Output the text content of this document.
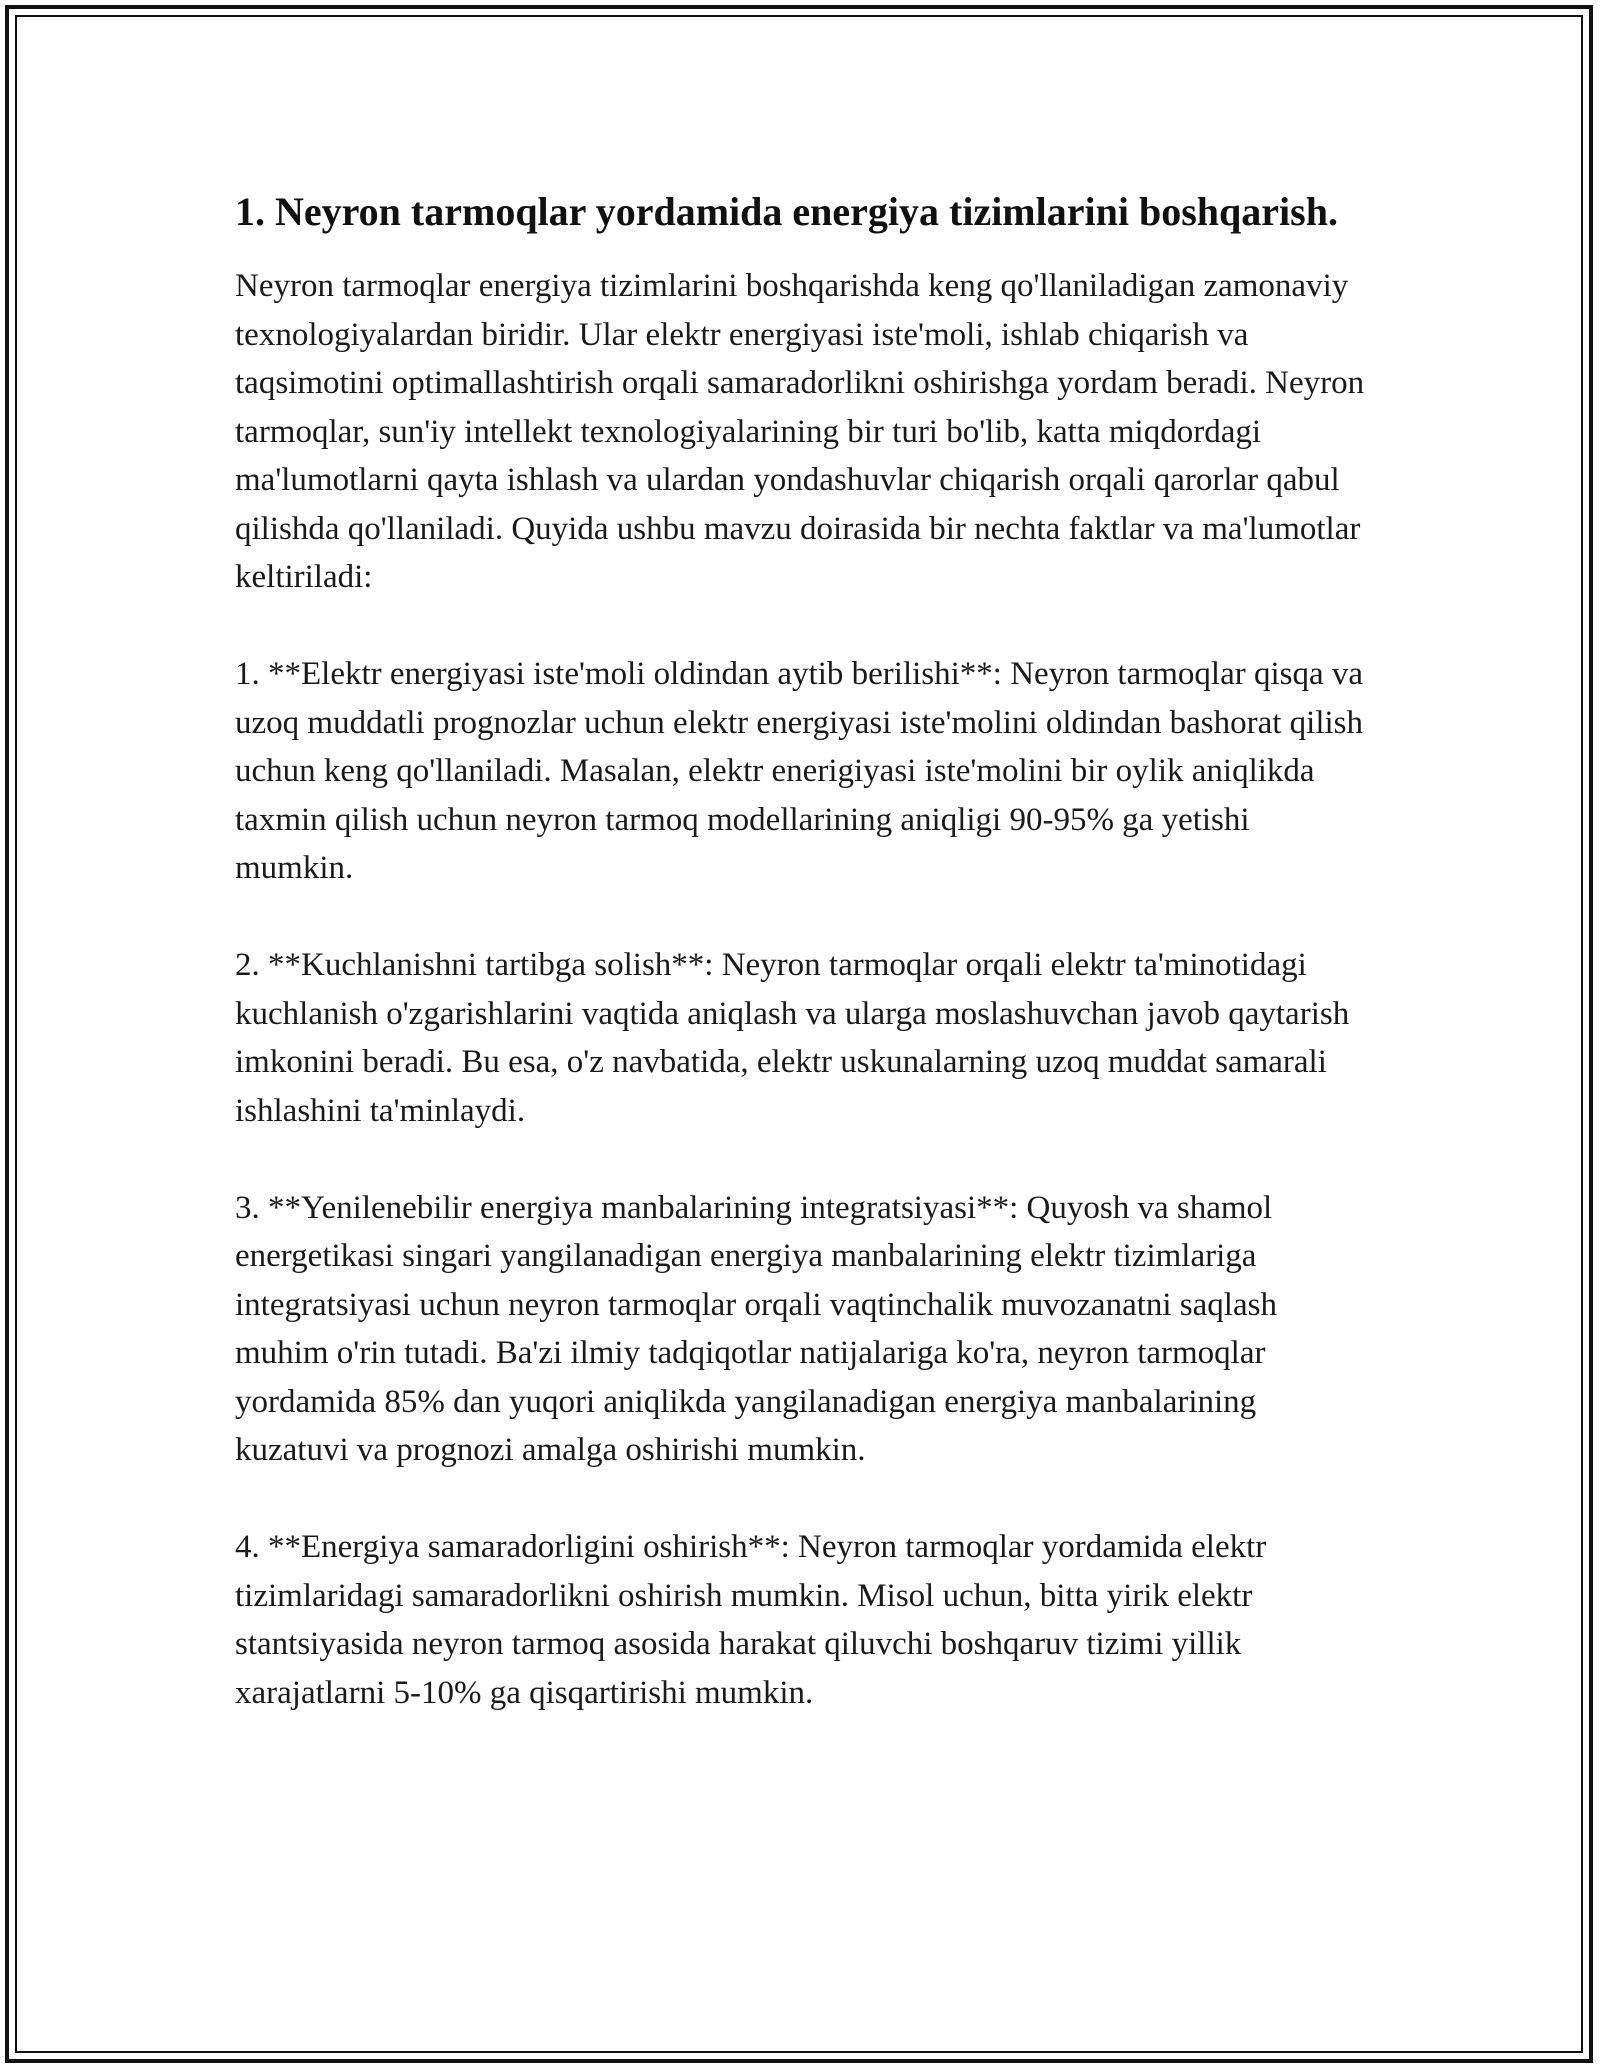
1. Neyron tarmoqlar yordamida energiya tizimlarini boshqarish.

Neyron tarmoqlar energiya tizimlarini boshqarishda keng qo'llaniladigan zamonaviy texnologiyalardan biridir. Ular elektr energiyasi iste'moli, ishlab chiqarish va taqsimotini optimallashtirish orqali samaradorlikni oshirishga yordam beradi. Neyron tarmoqlar, sun'iy intellekt texnologiyalarining bir turi bo'lib, katta miqdordagi ma'lumotlarni qayta ishlash va ulardan yondashuvlar chiqarish orqali qarorlar qabul qilishda qo'llaniladi. Quyida ushbu mavzu doirasida bir nechta faktlar va ma'lumotlar keltiriladi:

1. **Elektr energiyasi iste'moli oldindan aytib berilishi**: Neyron tarmoqlar qisqa va uzoq muddatli prognozlar uchun elektr energiyasi iste'molini oldindan bashorat qilish uchun keng qo'llaniladi. Masalan, elektr enerigiyasi iste'molini bir oylik aniqlikda taxmin qilish uchun neyron tarmoq modellarining aniqligi 90-95% ga yetishi mumkin.

2. **Kuchlanishni tartibga solish**: Neyron tarmoqlar orqali elektr ta'minotidagi kuchlanish o'zgarishlarini vaqtida aniqlash va ularga moslashuvchan javob qaytarish imkonini beradi. Bu esa, o'z navbatida, elektr uskunalarning uzoq muddat samarali ishlashini ta'minlaydi.

3. **Yenilenebilir energiya manbalarining integratsiyasi**: Quyosh va shamol energetikasi singari yangilanadigan energiya manbalarining elektr tizimlariga integratsiyasi uchun neyron tarmoqlar orqali vaqtinchalik muvozanatni saqlash muhim o'rin tutadi. Ba'zi ilmiy tadqiqotlar natijalariga ko'ra, neyron tarmoqlar yordamida 85% dan yuqori aniqlikda yangilanadigan energiya manbalarining kuzatuvi va prognozi amalga oshirishi mumkin.

4. **Energiya samaradorligini oshirish**: Neyron tarmoqlar yordamida elektr tizimlaridagi samaradorlikni oshirish mumkin. Misol uchun, bitta yirik elektr stantsiyasida neyron tarmoq asosida harakat qiluvchi boshqaruv tizimi yillik xarajatlarni 5-10% ga qisqartirishi mumkin.
